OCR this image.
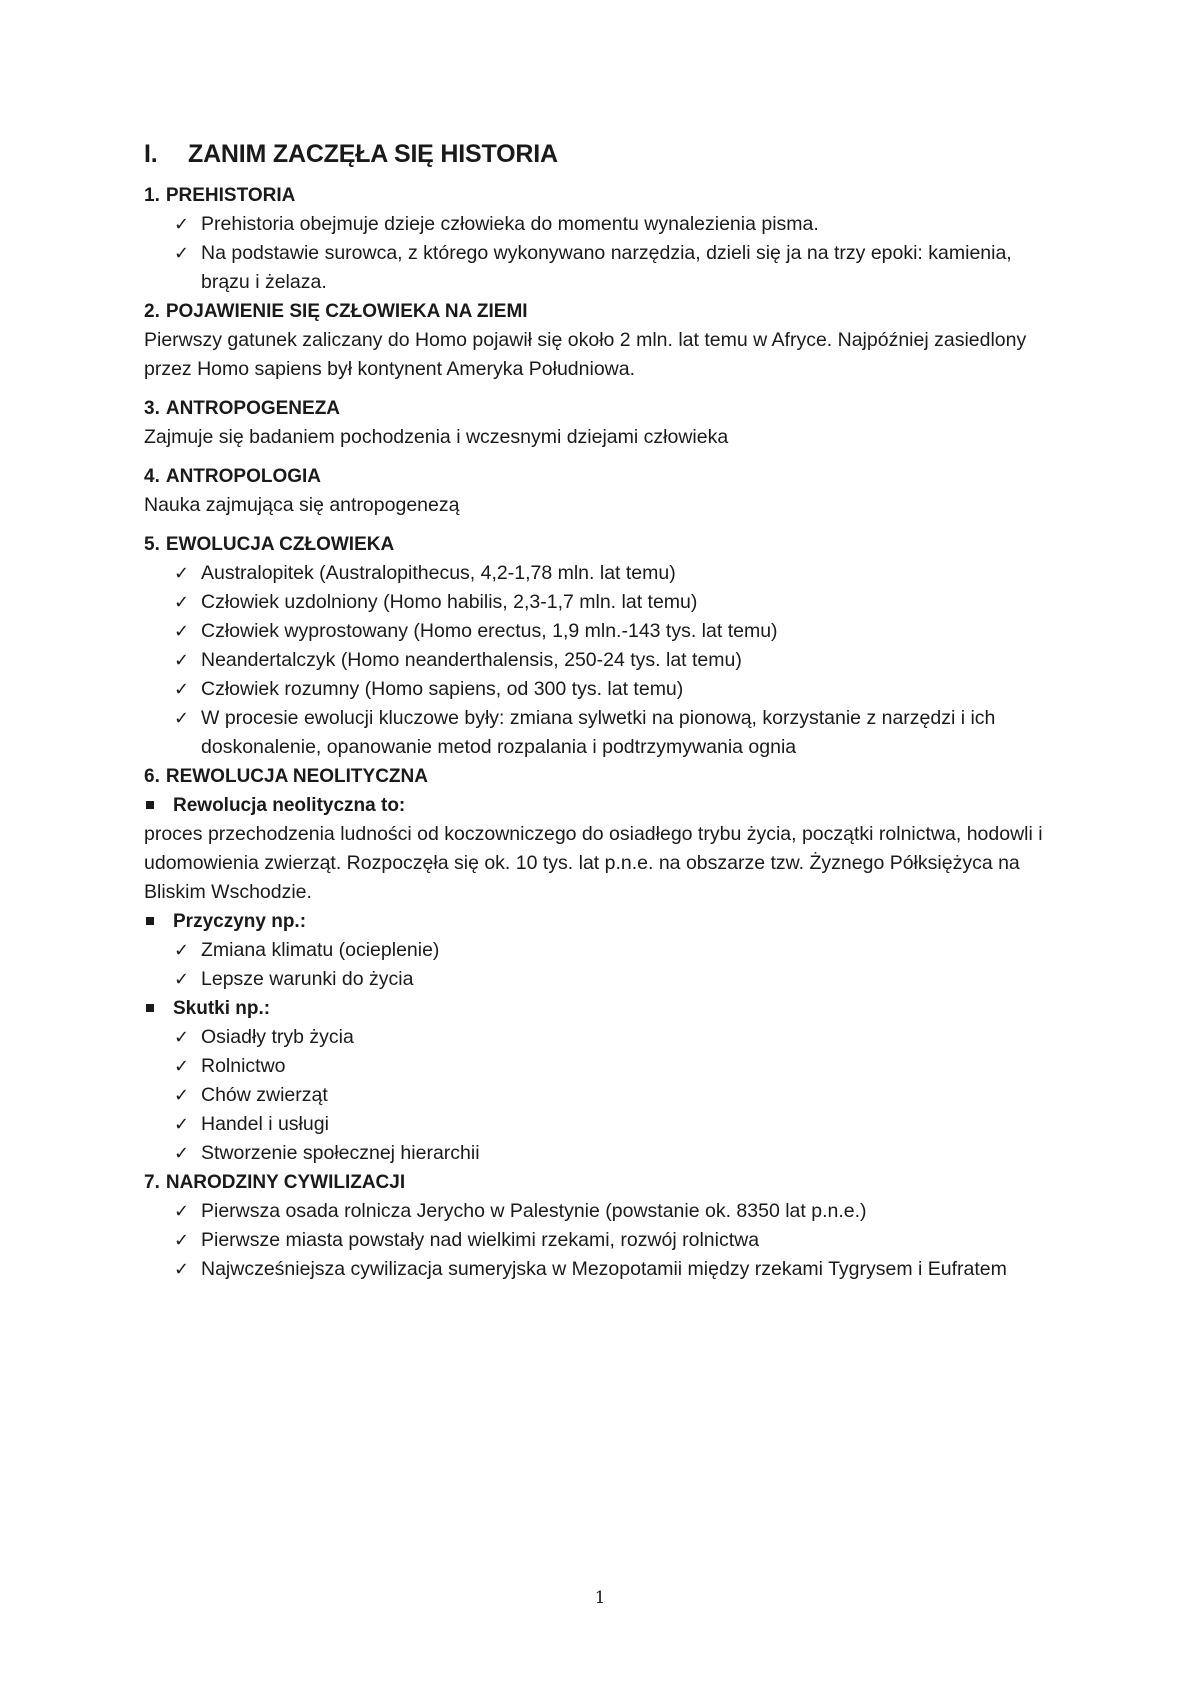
I. ZANIM ZACZĘŁA SIĘ HISTORIA
1. PREHISTORIA
✓ Prehistoria obejmuje dzieje człowieka do momentu wynalezienia pisma.
✓ Na podstawie surowca, z którego wykonywano narzędzia, dzieli się ja na trzy epoki: kamienia, brązu i żelaza.
2. POJAWIENIE SIĘ CZŁOWIEKA NA ZIEMI

Pierwszy gatunek zaliczany do Homo pojawił się około 2 mln. lat temu w Afryce. Najpóźniej zasiedlony przez Homo sapiens był kontynent Ameryka Południowa.

3. ANTROPOGENEZA

Zajmuje się badaniem pochodzenia i wczesnymi dziejami człowieka

4. ANTROPOLOGIA

Nauka zajmująca się antropogenezą

5. EWOLUCJA CZŁOWIEKA
✓ Australopitek (Australopithecus, 4,2-1,78 mln. lat temu)
✓ Człowiek uzdolniony (Homo habilis, 2,3-1,7 mln. lat temu)
✓ Człowiek wyprostowany (Homo erectus, 1,9 mln.-143 tys. lat temu)
✓ Neandertalczyk (Homo neanderthalensis, 250-24 tys. lat temu)
✓ Człowiek rozumny (Homo sapiens, od 300 tys. lat temu)
✓ W procesie ewolucji kluczowe były: zmiana sylwetki na pionową, korzystanie z narzędzi i ich doskonalenie, opanowanie metod rozpalania i podtrzymywania ognia
6. REWOLUCJA NEOLITYCZNA
Rewolucja neolityczna to:

proces przechodzenia ludności od koczowniczego do osiadłego trybu życia, początki rolnictwa, hodowli i udomowienia zwierząt. Rozpoczęła się ok. 10 tys. lat p.n.e. na obszarze tzw. Żyznego Półksiężyca na Bliskim Wschodzie.

Przyczyny np.:
✓ Zmiana klimatu (ocieplenie)
✓ Lepsze warunki do życia
Skutki np.:
✓ Osiadły tryb życia
✓ Rolnictwo
✓ Chów zwierząt
✓ Handel i usługi
✓ Stworzenie społecznej hierarchii
7. NARODZINY CYWILIZACJI
✓ Pierwsza osada rolnicza Jerycho w Palestynie (powstanie ok. 8350 lat p.n.e.)
✓ Pierwsze miasta powstały nad wielkimi rzekami, rozwój rolnictwa
✓ Najwcześniejsza cywilizacja sumeryjska w Mezopotamii między rzekami Tygrysem i Eufratem
1
